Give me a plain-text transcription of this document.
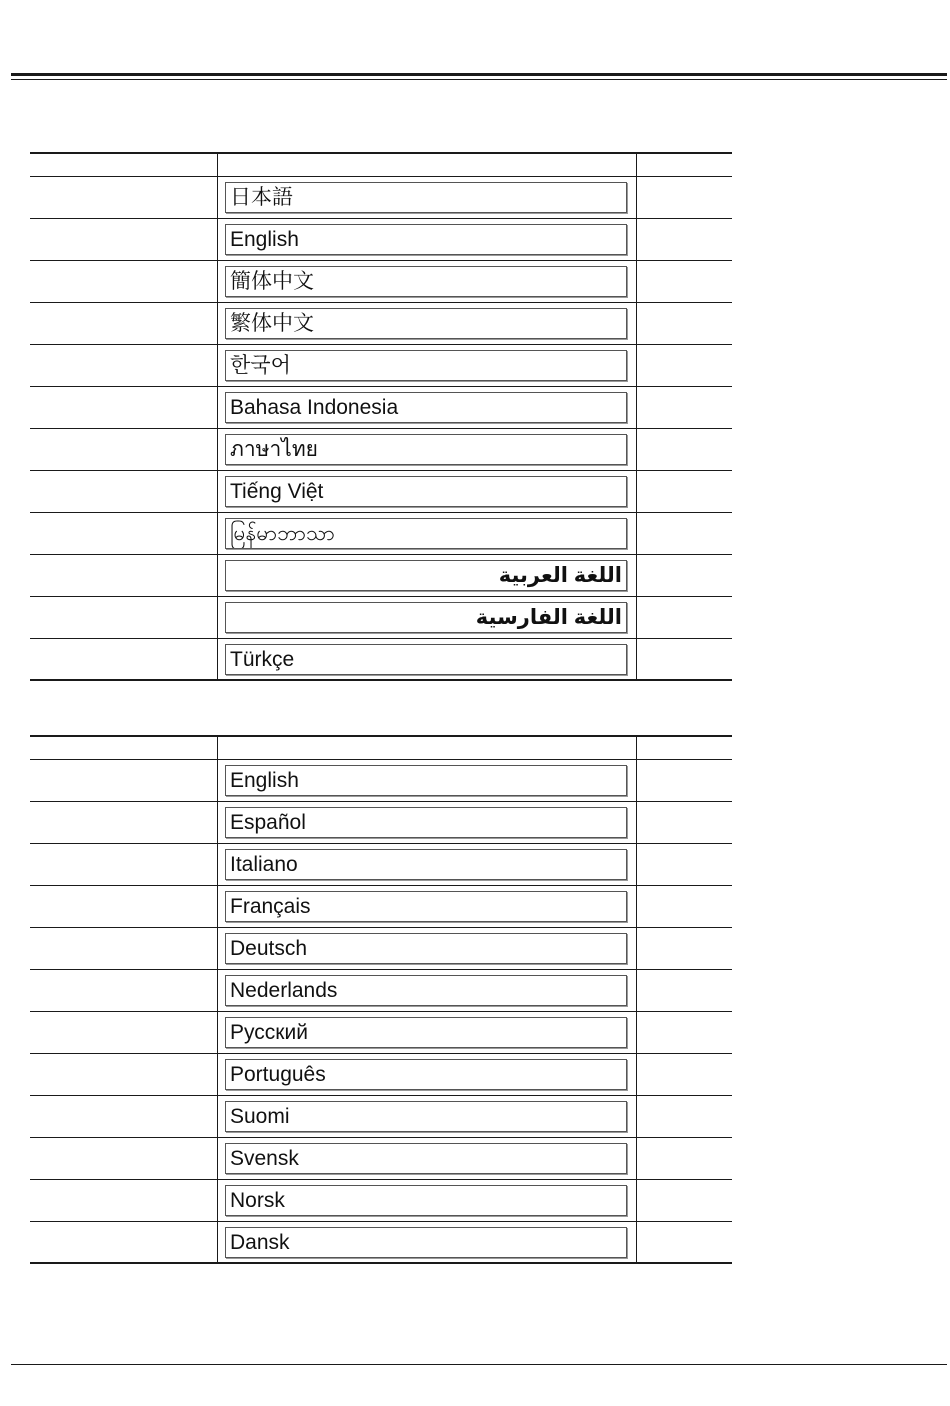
	日本語	

	English	

	簡体中文	

	繁体中文	

	한국어	

	Bahasa Indonesia	

	ภาษาไทย	

	Tiếng Việt	

	မြန်မာဘာသာ	

	اللغة العربية	

	اللغة الفارسية	

	Türkçe	

	English	

	Español	

	Italiano	

	Français	

	Deutsch	

	Nederlands	

	Русский	

	Português	

	Suomi	

	Svensk	

	Norsk	

	Dansk	
